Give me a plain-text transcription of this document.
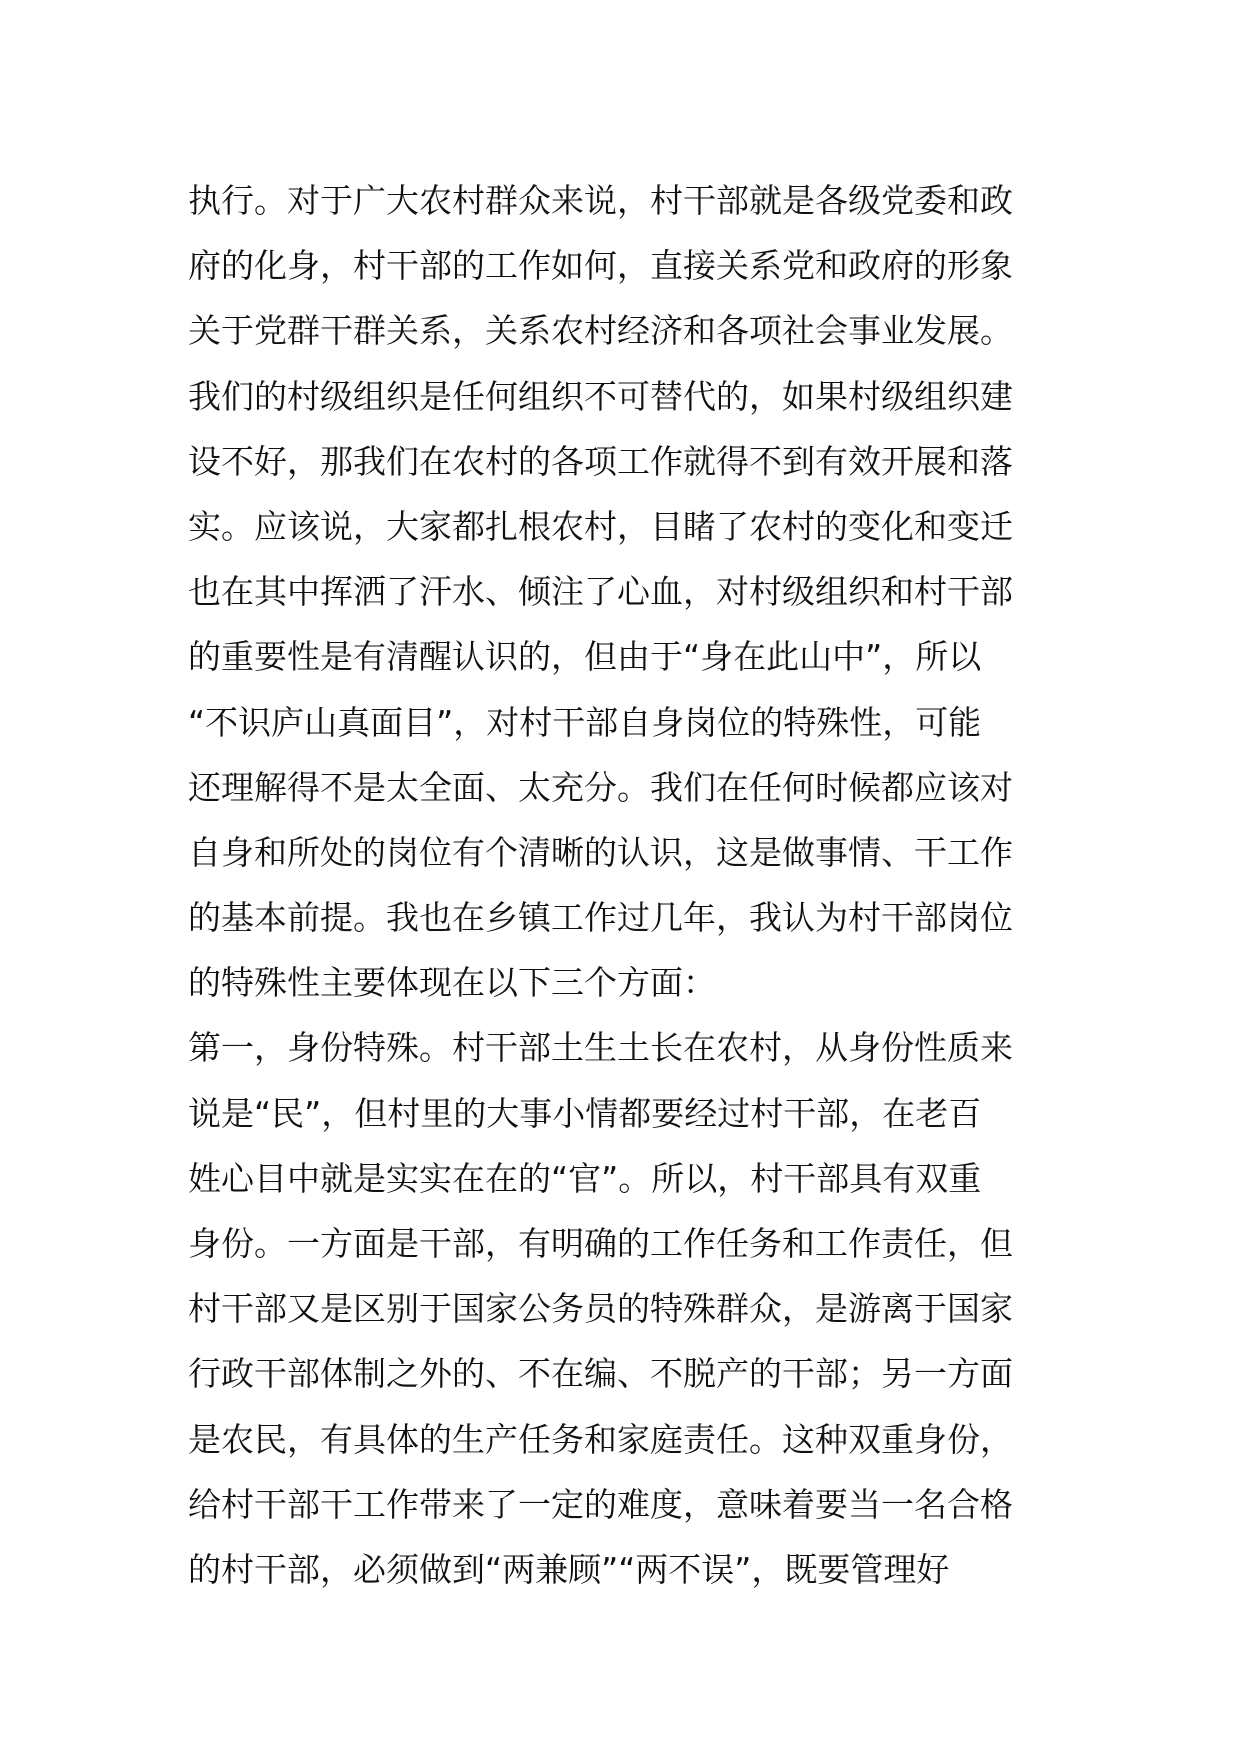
执行。对于广大农村群众来说，村干部就是各级党委和政
府的化身，村干部的工作如何，直接关系党和政府的形象
关于党群干群关系，关系农村经济和各项社会事业发展。
我们的村级组织是任何组织不可替代的，如果村级组织建
设不好，那我们在农村的各项工作就得不到有效开展和落
实。应该说，大家都扎根农村，目睹了农村的变化和变迁
也在其中挥洒了汗水、倾注了心血，对村级组织和村干部
的重要性是有清醒认识的，但由于“身在此山中”，所以
“不识庐山真面目”，对村干部自身岗位的特殊性，可能
还理解得不是太全面、太充分。我们在任何时候都应该对
自身和所处的岗位有个清晰的认识，这是做事情、干工作
的基本前提。我也在乡镇工作过几年，我认为村干部岗位
的特殊性主要体现在以下三个方面：
第一，身份特殊。村干部土生土长在农村，从身份性质来
说是“民”，但村里的大事小情都要经过村干部，在老百
姓心目中就是实实在在的“官”。所以，村干部具有双重
身份。一方面是干部，有明确的工作任务和工作责任，但
村干部又是区别于国家公务员的特殊群众，是游离于国家
行政干部体制之外的、不在编、不脱产的干部；另一方面
是农民，有具体的生产任务和家庭责任。这种双重身份，
给村干部干工作带来了一定的难度，意味着要当一名合格
的村干部，必须做到“两兼顾”“两不误”，既要管理好
